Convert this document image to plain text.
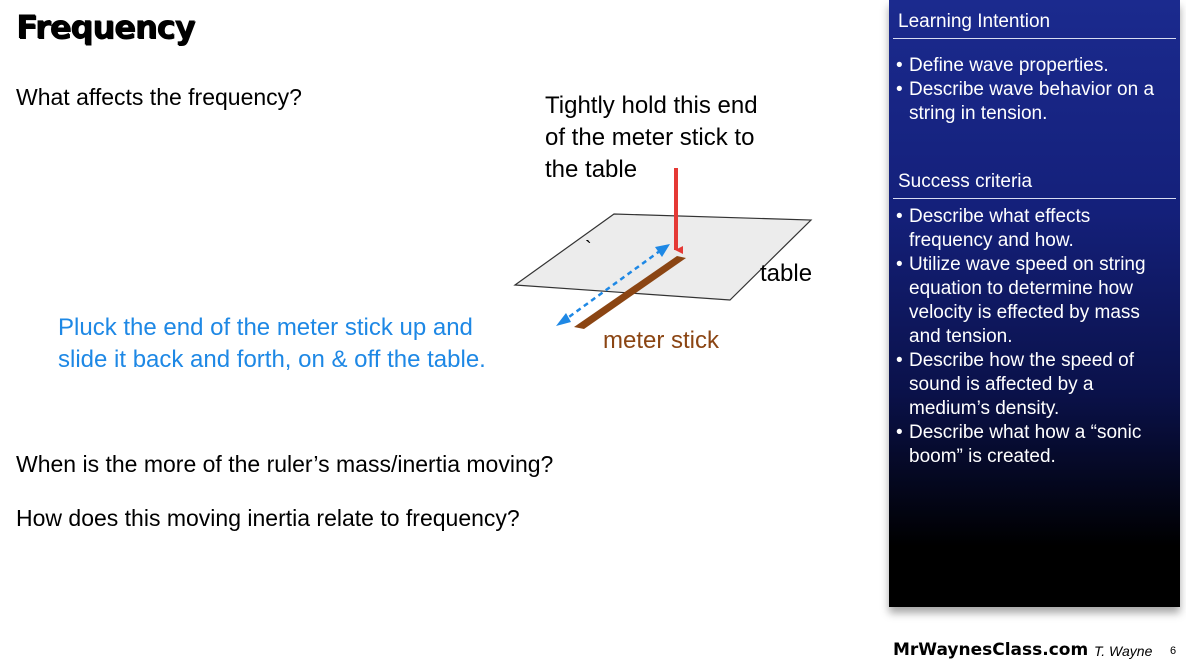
Frequency
What affects the frequency?	Tightly hold this end
of the meter stick to
the table
`
table
meter stick
Pluck the end of the meter stick up and
slide it back and forth, on & off the table.
When is the more of the ruler’s mass/inertia moving?
How does this moving inertia relate to frequency?
Learning Intention
• Define wave properties.
• Describe wave behavior on a string in tension.
Success criteria
• Describe what effects frequency and how.
• Utilize wave speed on string equation to determine how velocity is effected by mass and tension.
• Describe how the speed of sound is affected by a medium’s density.
• Describe what how a “sonic boom” is created.
MrWaynesClass.com T. Wayne 6
